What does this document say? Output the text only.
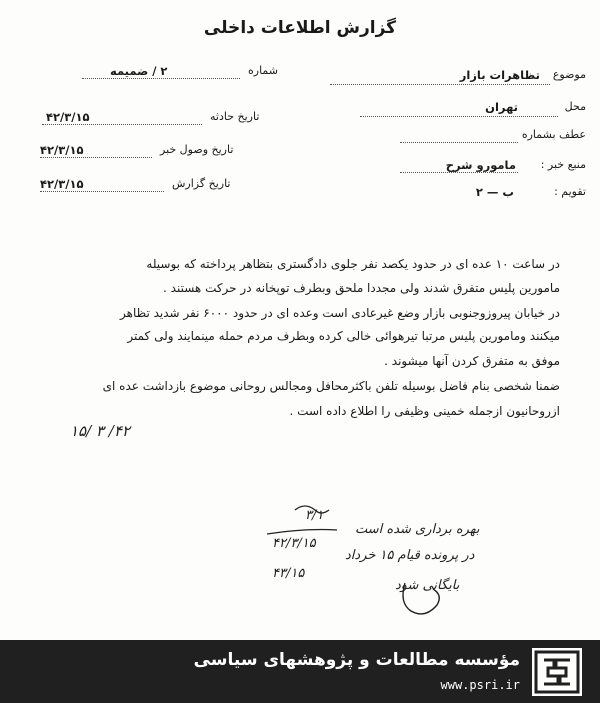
گزارش اطلاعات داخلی
شماره
۲ / ضمیمه
تاریخ حادثه
۴۲/۳/۱۵
تاریخ وصول خبر
۴۲/۳/۱۵
تاریخ گزارش
۴۲/۳/۱۵
موضوع
تظاهرات بازار
محل
تهران
عطف بشماره
منبع خبر :
مامورو شرح
تقویم :
ب — ۲
در ساعت ۱۰ عده ای در حدود یکصد نفر جلوی دادگستری بتظاهر پرداخته که بوسیله
مامورین پلیس متفرق شدند ولی مجددا ملحق وبطرف توپخانه در حرکت هستند .
در خیابان پیروزوجنوبی بازار وضع غیرعادی است وعده ای در حدود ۶۰۰۰ نفر شدید تظاهر
میکنند ومامورین پلیس مرتبا تیرهوائی خالی کرده وبطرف مردم حمله مینمایند ولی کمتر
موفق به متفرق کردن آنها میشوند .
ضمنا شخصی بنام فاضل بوسیله تلفن باکثرمحافل ومجالس روحانی موضوع بازداشت عده ای
ازروحانیون ازجمله خمینی وظیفی را اطلاع داده است .
۱۵/ ۳ /۴۲
بهره برداری شده است
در پرونده قیام ۱۵ خرداد
بایگانی شود
۳/۱
۴۲/۳/۱۵
۴۳/۱۵
مؤسسه مطالعات و پژوهشهای سیاسی
www.psri.ir
